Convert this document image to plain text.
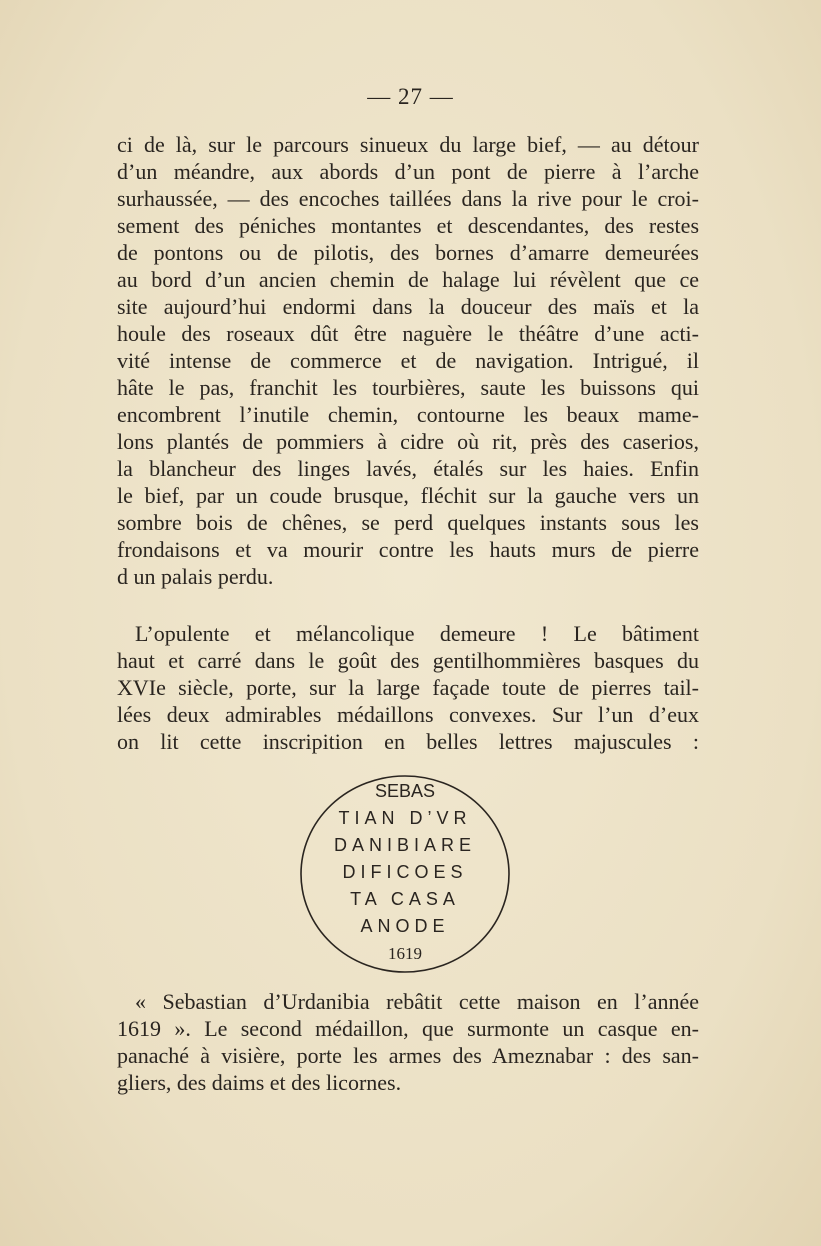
— 27 —
ci de là, sur le parcours sinueux du large bief, — au détour
d’un méandre, aux abords d’un pont de pierre à l’arche
surhaussée, — des encoches taillées dans la rive pour le croi-
sement des péniches montantes et descendantes, des restes
de pontons ou de pilotis, des bornes d’amarre demeurées
au bord d’un ancien chemin de halage lui révèlent que ce
site aujourd’hui endormi dans la douceur des maïs et la
houle des roseaux dût être naguère le théâtre d’une acti-
vité intense de commerce et de navigation. Intrigué, il
hâte le pas, franchit les tourbières, saute les buissons qui
encombrent l’inutile chemin, contourne les beaux mame-
lons plantés de pommiers à cidre où rit, près des caserios,
la blancheur des linges lavés, étalés sur les haies. Enfin
le bief, par un coude brusque, fléchit sur la gauche vers un
sombre bois de chênes, se perd quelques instants sous les
frondaisons et va mourir contre les hauts murs de pierre
d un palais perdu.
L’opulente et mélancolique demeure ! Le bâtiment
haut et carré dans le goût des gentilhommières basques du
XVIe siècle, porte, sur la large façade toute de pierres tail-
lées deux admirables médaillons convexes. Sur l’un d’eux
on lit cette inscripition en belles lettres majuscules :
SEBAS
TIAN D’VR
DANIBIARE
DIFICOES
TA CASA
ANODE
1619
« Sebastian d’Urdanibia rebâtit cette maison en l’année
1619 ». Le second médaillon, que surmonte un casque en-
panaché à visière, porte les armes des Ameznabar : des san-
gliers, des daims et des licornes.
